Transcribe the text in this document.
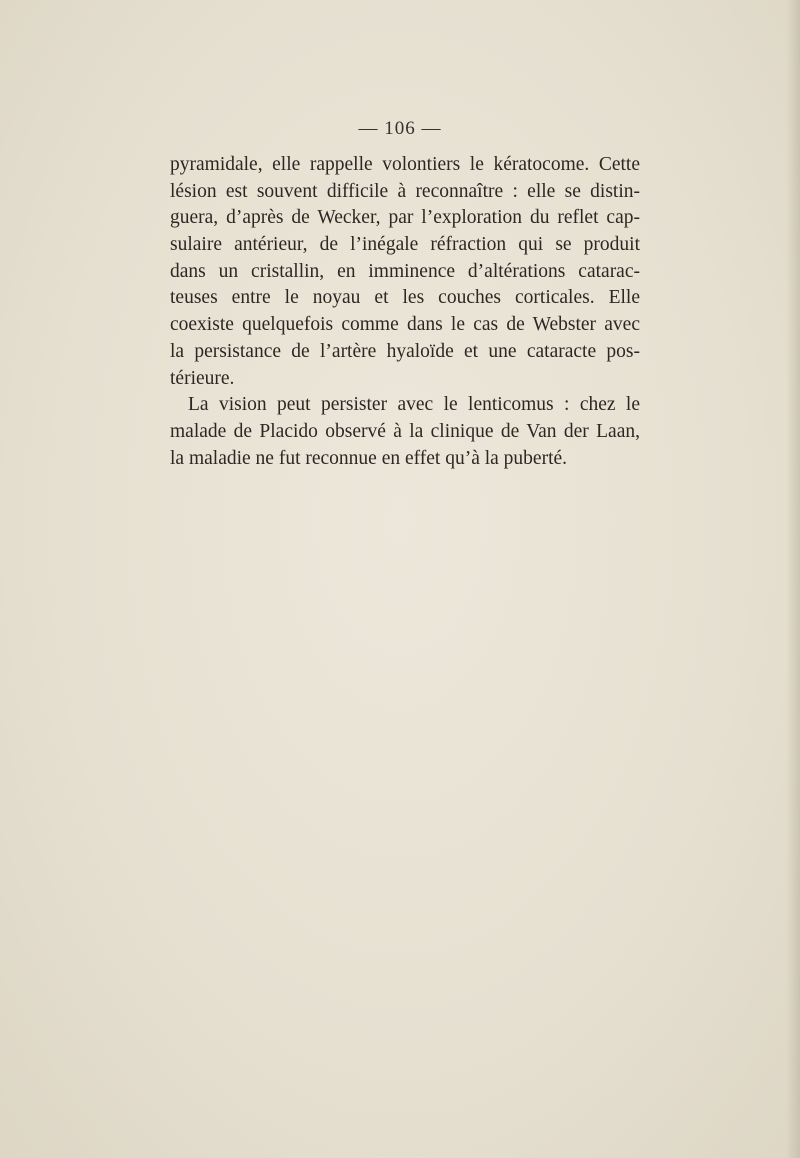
— 106 —
pyramidale, elle rappelle volontiers le kératocome. Cette
lésion est souvent difficile à reconnaître : elle se distin-
guera, d’après de Wecker, par l’exploration du reflet cap-
sulaire antérieur, de l’inégale réfraction qui se produit
dans un cristallin, en imminence d’altérations catarac-
teuses entre le noyau et les couches corticales. Elle
coexiste quelquefois comme dans le cas de Webster avec
la persistance de l’artère hyaloïde et une cataracte pos-
térieure.
La vision peut persister avec le lenticomus : chez le
malade de Placido observé à la clinique de Van der Laan,
la maladie ne fut reconnue en effet qu’à la puberté.
